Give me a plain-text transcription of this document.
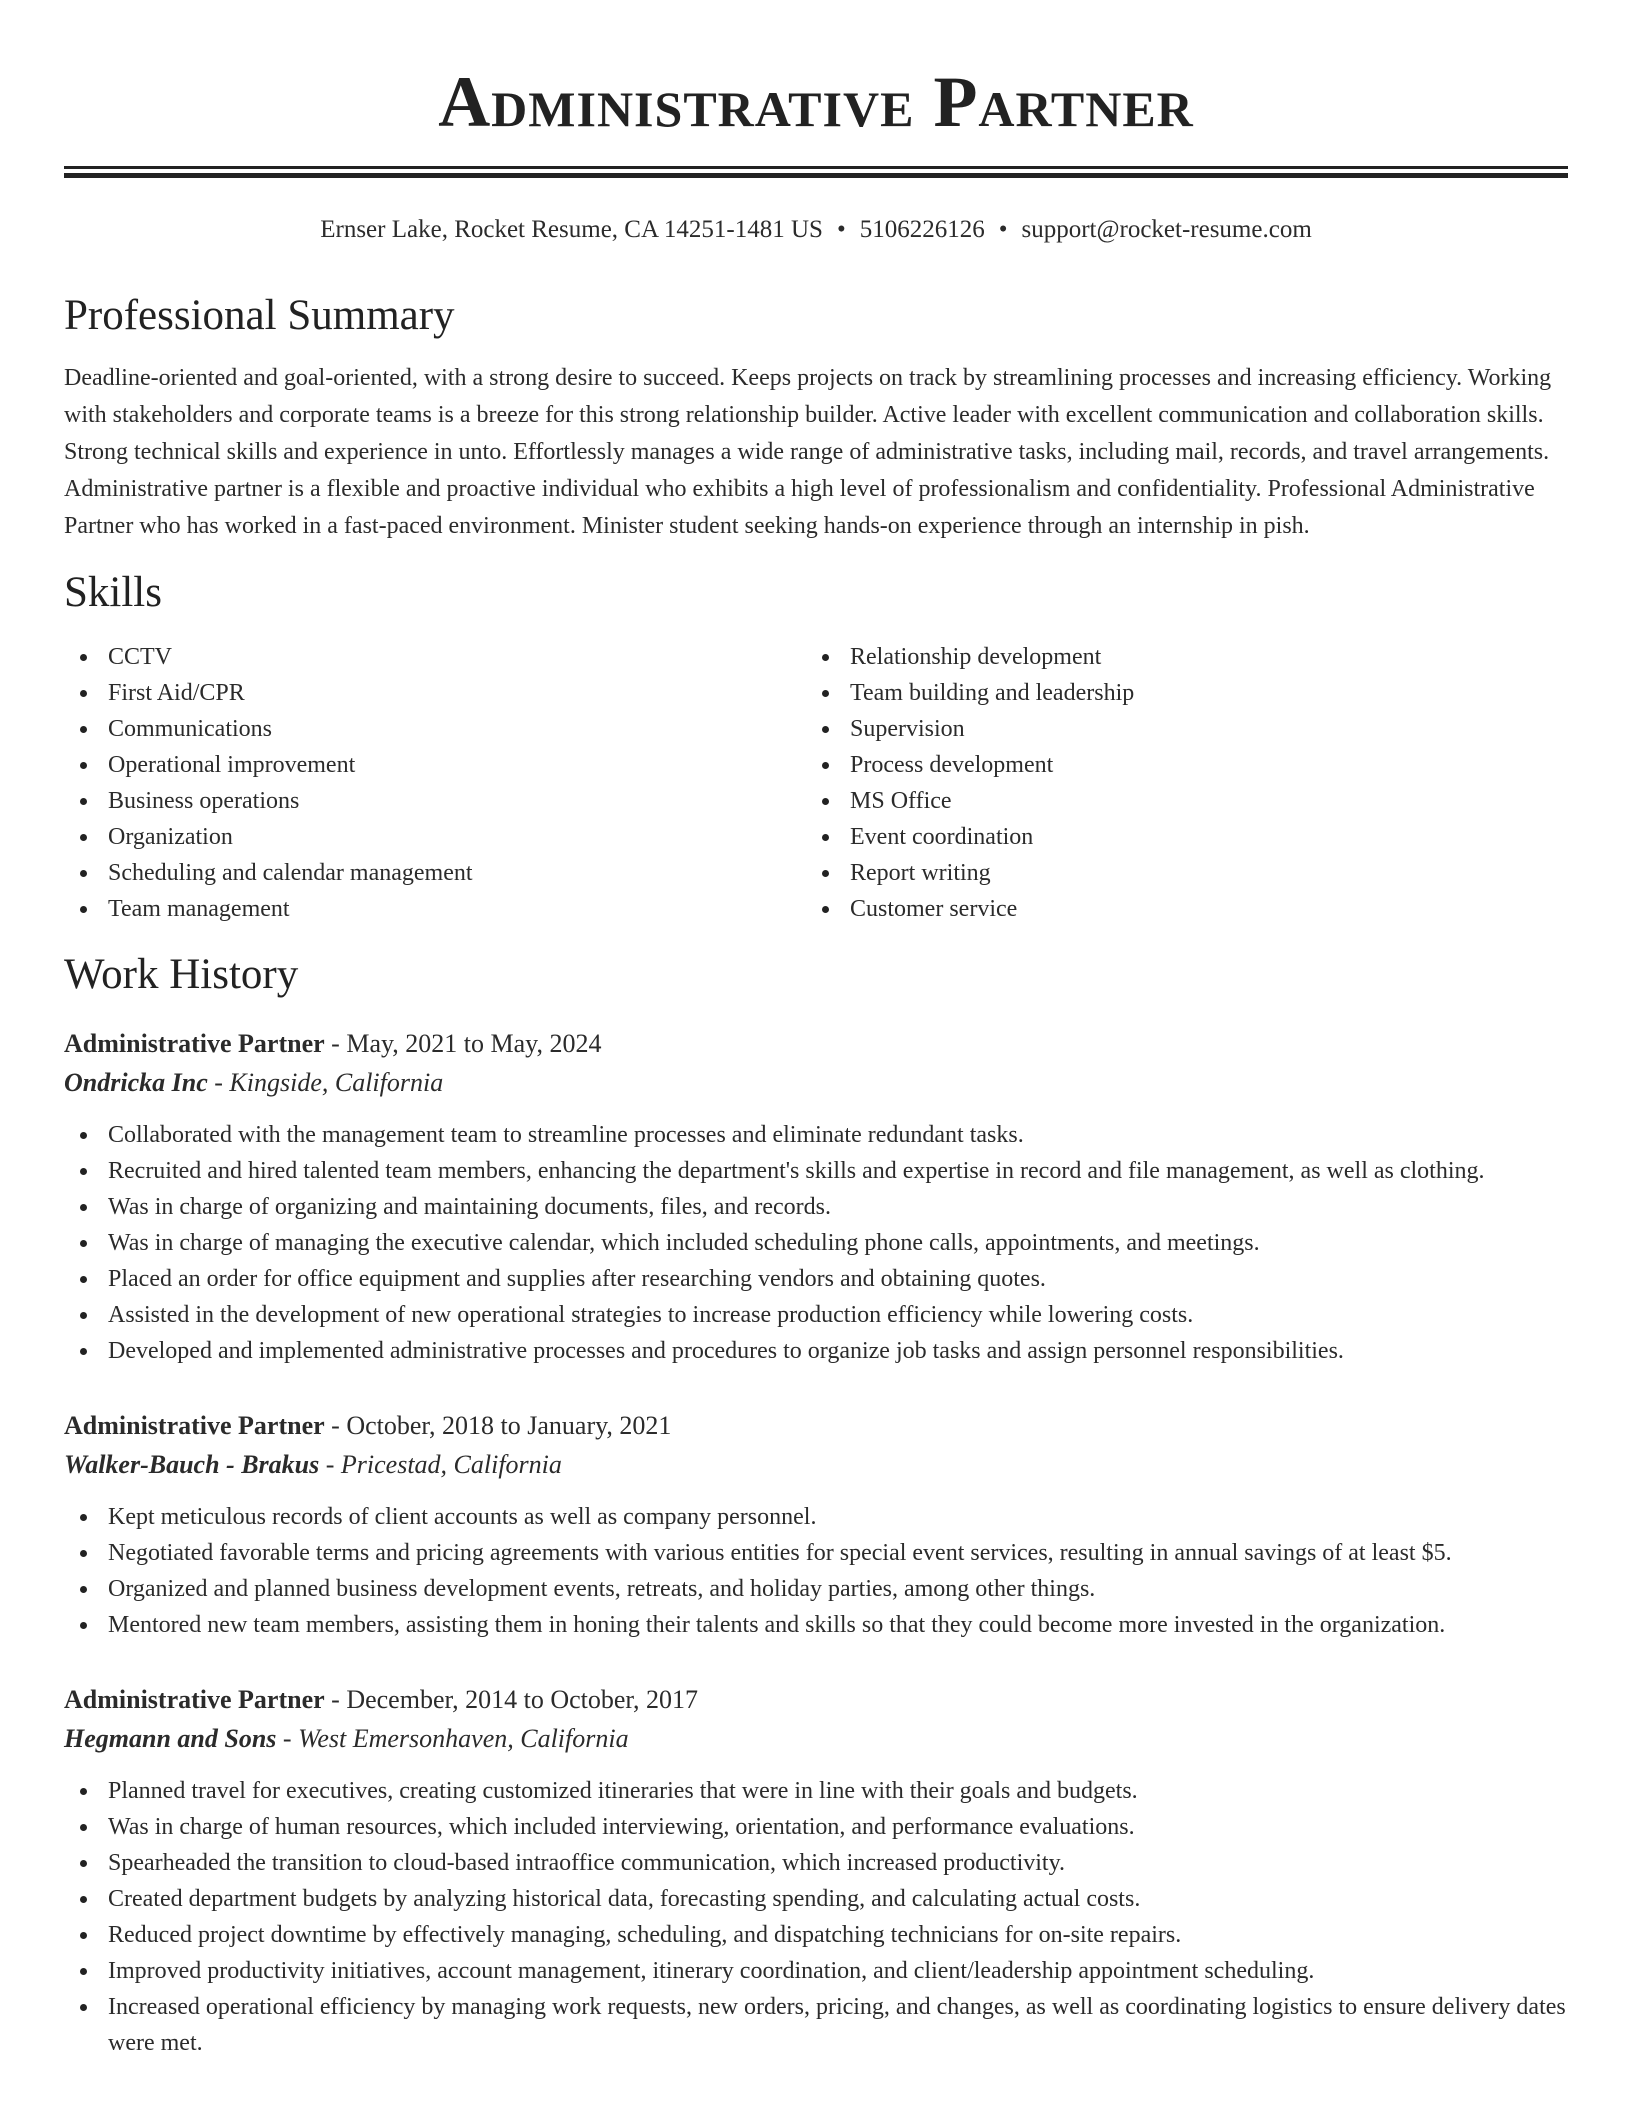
Administrative Partner
Ernser Lake, Rocket Resume, CA 14251-1481 US • 5106226126 • support@rocket-resume.com
Professional Summary

Deadline-oriented and goal-oriented, with a strong desire to succeed. Keeps projects on track by streamlining processes and increasing efficiency. Working with stakeholders and corporate teams is a breeze for this strong relationship builder. Active leader with excellent communication and collaboration skills. Strong technical skills and experience in unto. Effortlessly manages a wide range of administrative tasks, including mail, records, and travel arrangements. Administrative partner is a flexible and proactive individual who exhibits a high level of professionalism and confidentiality. Professional Administrative Partner who has worked in a fast-paced environment. Minister student seeking hands-on experience through an internship in pish.

Skills
CCTV
First Aid/CPR
Communications
Operational improvement
Business operations
Organization
Scheduling and calendar management
Team management
Relationship development
Team building and leadership
Supervision
Process development
MS Office
Event coordination
Report writing
Customer service
Work History
Administrative Partner - May, 2021 to May, 2024
Ondricka Inc - Kingside, California
Collaborated with the management team to streamline processes and eliminate redundant tasks.
Recruited and hired talented team members, enhancing the department's skills and expertise in record and file management, as well as clothing.
Was in charge of organizing and maintaining documents, files, and records.
Was in charge of managing the executive calendar, which included scheduling phone calls, appointments, and meetings.
Placed an order for office equipment and supplies after researching vendors and obtaining quotes.
Assisted in the development of new operational strategies to increase production efficiency while lowering costs.
Developed and implemented administrative processes and procedures to organize job tasks and assign personnel responsibilities.
Administrative Partner - October, 2018 to January, 2021
Walker-Bauch - Brakus - Pricestad, California
Kept meticulous records of client accounts as well as company personnel.
Negotiated favorable terms and pricing agreements with various entities for special event services, resulting in annual savings of at least $5.
Organized and planned business development events, retreats, and holiday parties, among other things.
Mentored new team members, assisting them in honing their talents and skills so that they could become more invested in the organization.
Administrative Partner - December, 2014 to October, 2017
Hegmann and Sons - West Emersonhaven, California
Planned travel for executives, creating customized itineraries that were in line with their goals and budgets.
Was in charge of human resources, which included interviewing, orientation, and performance evaluations.
Spearheaded the transition to cloud-based intraoffice communication, which increased productivity.
Created department budgets by analyzing historical data, forecasting spending, and calculating actual costs.
Reduced project downtime by effectively managing, scheduling, and dispatching technicians for on-site repairs.
Improved productivity initiatives, account management, itinerary coordination, and client/leadership appointment scheduling.
Increased operational efficiency by managing work requests, new orders, pricing, and changes, as well as coordinating logistics to ensure delivery dates were met.
